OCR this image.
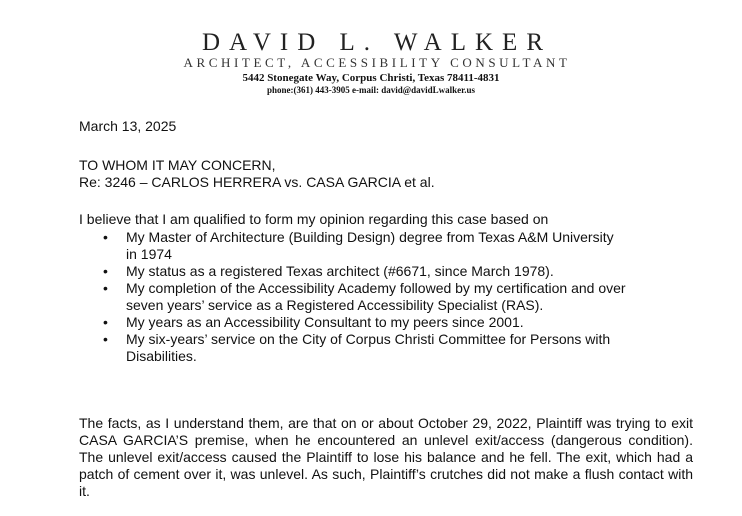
DAVID L. WALKER
ARCHITECT, ACCESSIBILITY CONSULTANT
5442 Stonegate Way, Corpus Christi, Texas 78411-4831
phone:(361) 443-3905 e-mail: david@davidLwalker.us
March 13, 2025
TO WHOM IT MAY CONCERN,
Re: 3246 – CARLOS HERRERA vs. CASA GARCIA et al.
I believe that I am qualified to form my opinion regarding this case based on
• My Master of Architecture (Building Design) degree from Texas A&M University
in 1974
• My status as a registered Texas architect (#6671, since March 1978).
• My completion of the Accessibility Academy followed by my certification and over
seven years’ service as a Registered Accessibility Specialist (RAS).
• My years as an Accessibility Consultant to my peers since 2001.
• My six-years’ service on the City of Corpus Christi Committee for Persons with
Disabilities.
The facts, as I understand them, are that on or about October 29, 2022, Plaintiff was trying to exit CASA GARCIA’S premise, when he encountered an unlevel exit/access (dangerous condition). The unlevel exit/access caused the Plaintiff to lose his balance and he fell. The exit, which had a patch of cement over it, was unlevel. As such, Plaintiff’s crutches did not make a flush contact with it.
